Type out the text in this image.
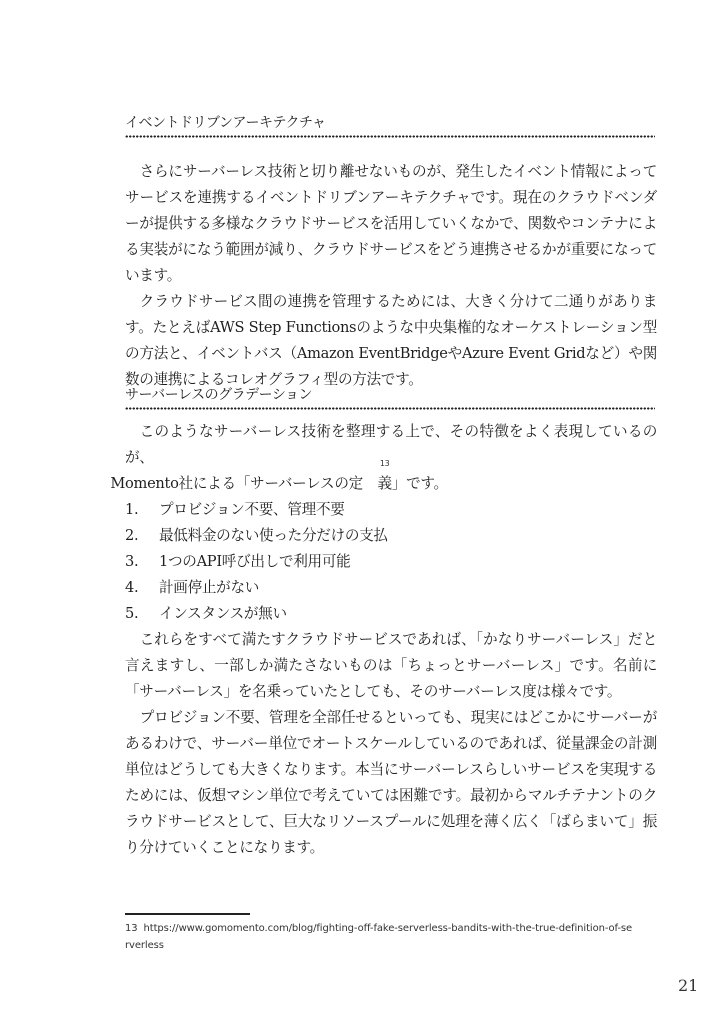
イベントドリブンアーキテクチャ

さらにサーバーレス技術と切り離せないものが、発生したイベント情報によってサービスを連携するイベントドリブンアーキテクチャです。現在のクラウドベンダーが提供する多様なクラウドサービスを活用していくなかで、関数やコンテナによる実装がになう範囲が減り、クラウドサービスをどう連携させるかが重要になっています。

クラウドサービス間の連携を管理するためには、大きく分けて二通りがあります。たとえばAWS Step Functionsのような中央集権的なオーケストレーション型の方法と、イベントバス（Amazon EventBridgeやAzure Event Gridなど）や関数の連携によるコレオグラフィ型の方法です。

サーバーレスのグラデーション

このようなサーバーレス技術を整理する上で、その特徴をよく表現しているのが、
Momento社による「サーバーレスの定 義
13
」です。

1.	プロビジョン不要、管理不要
2.	最低料金のない使った分だけの支払
3.	1つのAPI呼び出しで利用可能
4.	計画停止がない
5.	インスタンスが無い

これらをすべて満たすクラウドサービスであれば、「かなりサーバーレス」だと言えますし、一部しか満たさないものは「ちょっとサーバーレス」です。名前に「サーバーレス」を名乗っていたとしても、そのサーバーレス度は様々です。

プロビジョン不要、管理を全部任せるといっても、現実にはどこかにサーバーがあるわけで、サーバー単位でオートスケールしているのであれば、従量課金の計測単位はどうしても大きくなります。本当にサーバーレスらしいサービスを実現するためには、仮想マシン単位で考えていては困難です。最初からマルチテナントのクラウドサービスとして、巨大なリソースプールに処理を薄く広く「ばらまいて」振り分けていくことになります。

13 https://www.gomomento.com/blog/fighting-off-fake-serverless-bandits-with-the-true-definition-of-serverless
21
